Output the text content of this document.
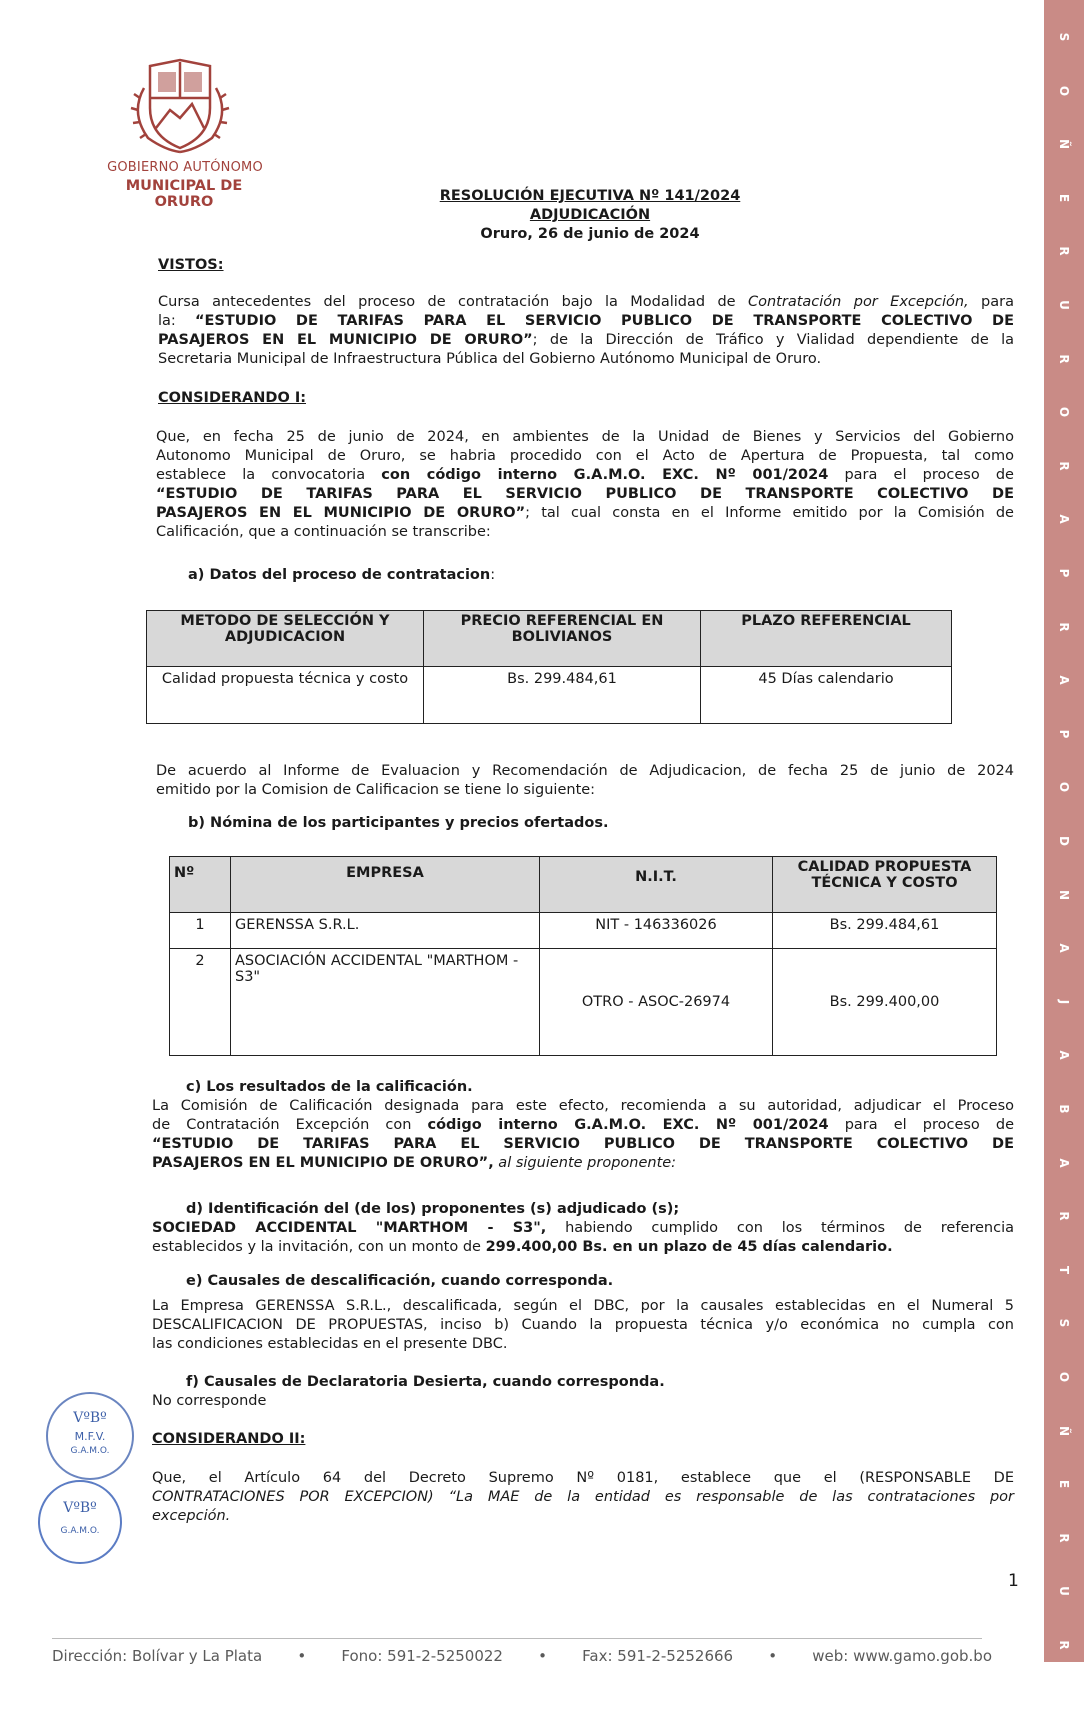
GOBIERNO AUTÓNOMO
MUNICIPAL DE ORURO	RESOLUCIÓN EJECUTIVA Nº 141/2024
ADJUDICACIÓN
Oruro, 26 de junio de 2024
VISTOS:
Cursa antecedentes del proceso de contratación bajo la Modalidad de Contratación por Excepción, para
la: “ESTUDIO DE TARIFAS PARA EL SERVICIO PUBLICO DE TRANSPORTE COLECTIVO DE
PASAJEROS EN EL MUNICIPIO DE ORURO”; de la Dirección de Tráfico y Vialidad dependiente de la
Secretaria Municipal de Infraestructura Pública del Gobierno Autónomo Municipal de Oruro.
CONSIDERANDO I:
Que, en fecha 25 de junio de 2024, en ambientes de la Unidad de Bienes y Servicios del Gobierno
Autonomo Municipal de Oruro, se habria procedido con el Acto de Apertura de Propuesta, tal como
establece la convocatoria con código interno G.A.M.O. EXC. Nº 001/2024 para el proceso de
“ESTUDIO DE TARIFAS PARA EL SERVICIO PUBLICO DE TRANSPORTE COLECTIVO DE
PASAJEROS EN EL MUNICIPIO DE ORURO”; tal cual consta en el Informe emitido por la Comisión de
Calificación, que a continuación se transcribe:
a) Datos del proceso de contratacion:
METODO DE SELECCIÓN Y ADJUDICACION	PRECIO REFERENCIAL EN BOLIVIANOS	PLAZO REFERENCIAL
Calidad propuesta técnica y costo	Bs. 299.484,61	45 Días calendario
De acuerdo al Informe de Evaluacion y Recomendación de Adjudicacion, de fecha 25 de junio de 2024
emitido por la Comision de Calificacion se tiene lo siguiente:
b) Nómina de los participantes y precios ofertados.
Nº	EMPRESA	N.I.T.	CALIDAD PROPUESTA TÉCNICA Y COSTO
1	GERENSSA S.R.L.	NIT - 146336026	Bs. 299.484,61
2	ASOCIACIÓN ACCIDENTAL "MARTHOM - S3"	OTRO - ASOC-26974	Bs. 299.400,00
c) Los resultados de la calificación.
La Comisión de Calificación designada para este efecto, recomienda a su autoridad, adjudicar el Proceso
de Contratación Excepción con código interno G.A.M.O. EXC. Nº 001/2024 para el proceso de
“ESTUDIO DE TARIFAS PARA EL SERVICIO PUBLICO DE TRANSPORTE COLECTIVO DE
PASAJEROS EN EL MUNICIPIO DE ORURO”, al siguiente proponente:
d) Identificación del (de los) proponentes (s) adjudicado (s);
SOCIEDAD ACCIDENTAL "MARTHOM - S3", habiendo cumplido con los términos de referencia
establecidos y la invitación, con un monto de 299.400,00 Bs. en un plazo de 45 días calendario.
e) Causales de descalificación, cuando corresponda.
La Empresa GERENSSA S.R.L., descalificada, según el DBC, por la causales establecidas en el Numeral 5
DESCALIFICACION DE PROPUESTAS, inciso b) Cuando la propuesta técnica y/o económica no cumpla con
las condiciones establecidas en el presente DBC.
f) Causales de Declaratoria Desierta, cuando corresponda.
No corresponde
CONSIDERANDO II:
Que, el Artículo 64 del Decreto Supremo Nº 0181, establece que el (RESPONSABLE DE
CONTRATACIONES POR EXCEPCION) “La MAE de la entidad es responsable de las contrataciones por
excepción.
VºBº
M.F.V.
G.A.M.O.
VºBº
G.A.M.O.
1
Dirección: Bolívar y La Plata • Fono: 591-2-5250022 • Fax: 591-2-5252666 • web: www.gamo.gob.bo
S
O
Ñ
E
R
U
R
O
R
A
P
R
A
P
O
D
N
A
J
A
B
A
R
T
S
O
Ñ
E
R
U
R
O
